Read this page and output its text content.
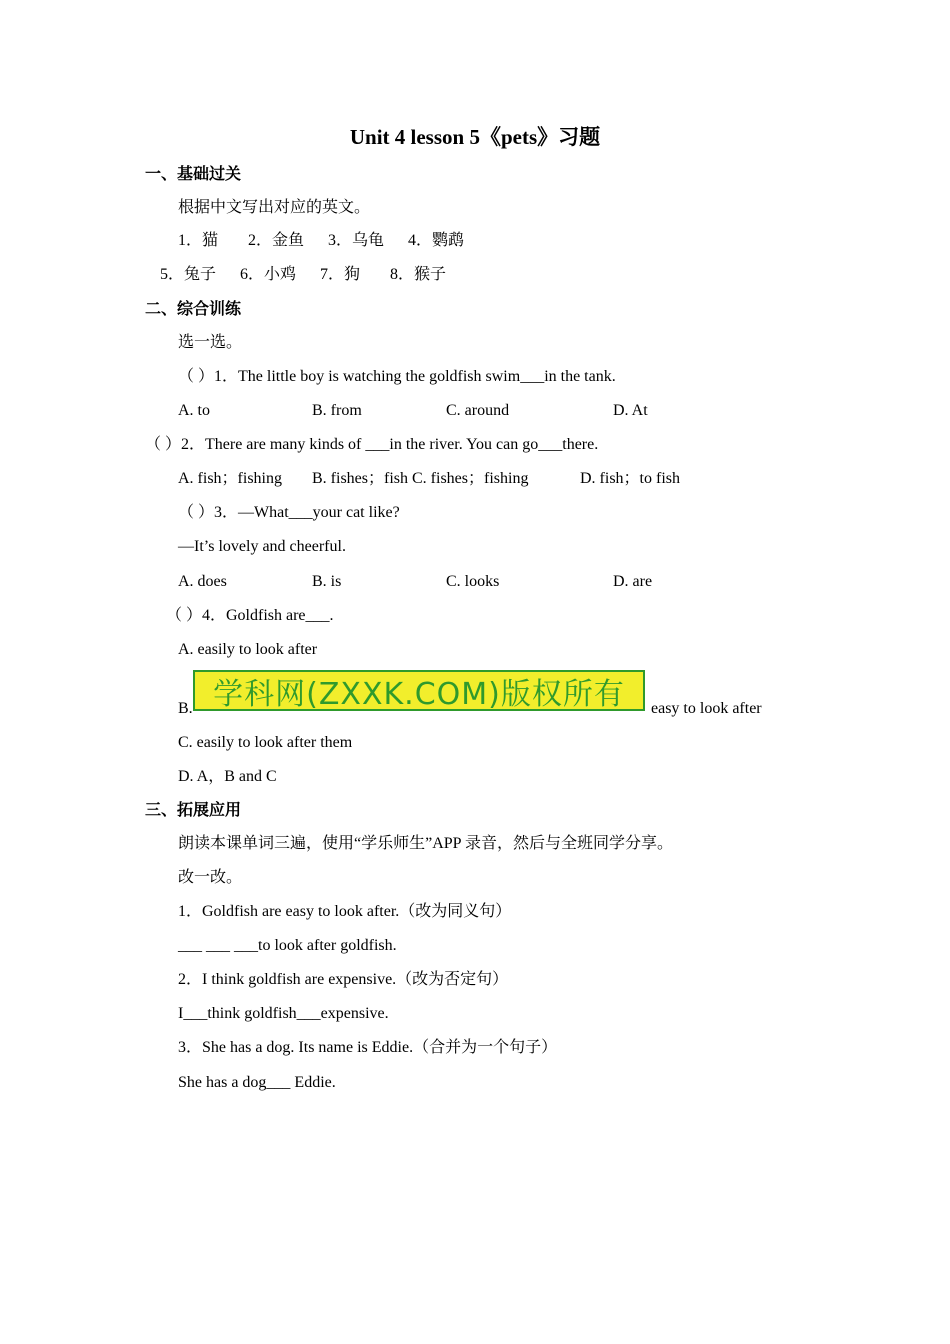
Unit 4 lesson 5《pets》习题
一、基础过关
根据中文写出对应的英文。
1．猫 2．金鱼 3．乌龟 4．鹦鹉
5．兔子 6．小鸡 7．狗 8．猴子
二、综合训练
选一选。
（ ）1．The little boy is watching the goldfish swim___in the tank.
A. to	B. from	C. around	D. At
（ ）2．There are many kinds of ___in the river. You can go___there.
A. fish；fishing B. fishes；fish C. fishes；fishing	D. fish；to fish
（ ）3．—What___your cat like?
—It’s lovely and cheerful.
A. does	B. is	C. looks	D. are
（ ）4．Goldfish are___.
A. easily to look after
B.	easy to look after
C. easily to look after them
D. A，B and C
学科网(ZXXK.COM)版权所有
三、拓展应用
朗读本课单词三遍，使用“学乐师生”APP 录音，然后与全班同学分享。
改一改。
1．Goldfish are easy to look after.（改为同义句）
___ ___ ___to look after goldfish.
2．I think goldfish are expensive.（改为否定句）
I___think goldfish___expensive.
3．She has a dog. Its name is Eddie.（合并为一个句子）
She has a dog___ Eddie.
